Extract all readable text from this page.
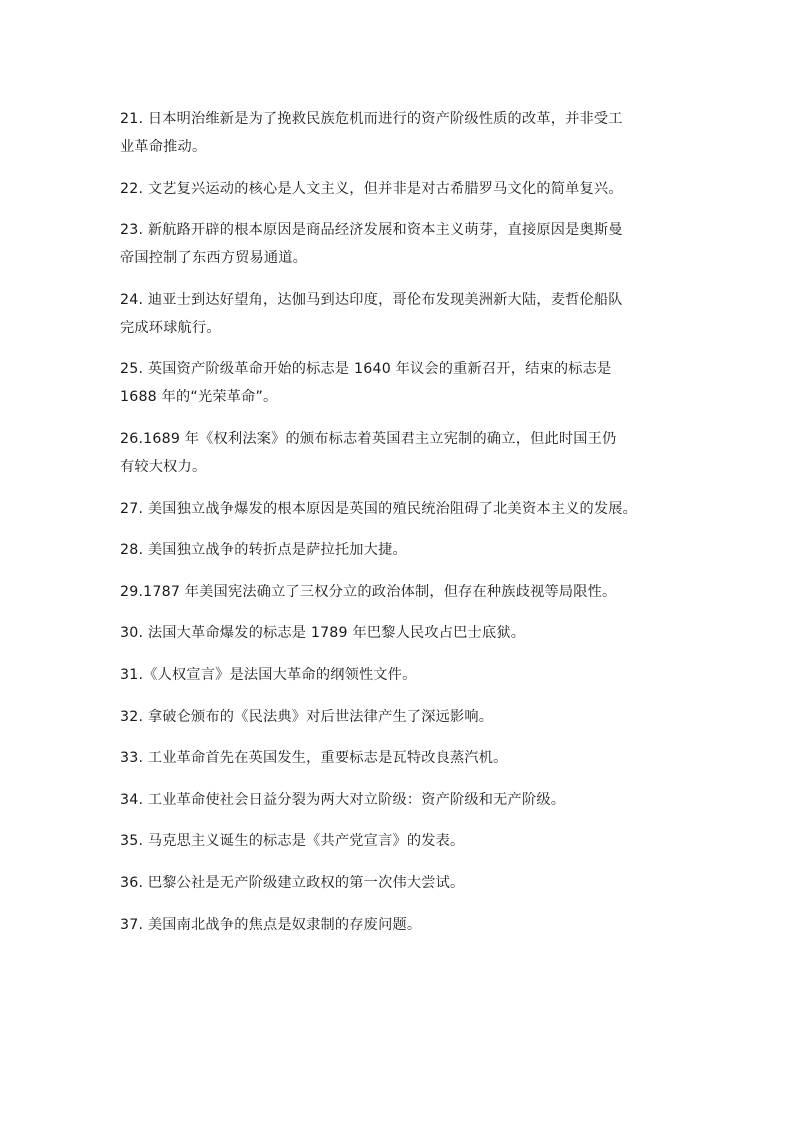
21. 日本明治维新是为了挽救民族危机而进行的资产阶级性质的改革，并非受工
业革命推动。
22. 文艺复兴运动的核心是人文主义，但并非是对古希腊罗马文化的简单复兴。
23. 新航路开辟的根本原因是商品经济发展和资本主义萌芽，直接原因是奥斯曼
帝国控制了东西方贸易通道。
24. 迪亚士到达好望角，达伽马到达印度，哥伦布发现美洲新大陆，麦哲伦船队
完成环球航行。
25. 英国资产阶级革命开始的标志是 1640 年议会的重新召开，结束的标志是
1688 年的“光荣革命”。
26.1689 年《权利法案》的颁布标志着英国君主立宪制的确立，但此时国王仍
有较大权力。
27. 美国独立战争爆发的根本原因是英国的殖民统治阻碍了北美资本主义的发展。
28. 美国独立战争的转折点是萨拉托加大捷。
29.1787 年美国宪法确立了三权分立的政治体制，但存在种族歧视等局限性。
30. 法国大革命爆发的标志是 1789 年巴黎人民攻占巴士底狱。
31.《人权宣言》是法国大革命的纲领性文件。
32. 拿破仑颁布的《民法典》对后世法律产生了深远影响。
33. 工业革命首先在英国发生，重要标志是瓦特改良蒸汽机。
34. 工业革命使社会日益分裂为两大对立阶级：资产阶级和无产阶级。
35. 马克思主义诞生的标志是《共产党宣言》的发表。
36. 巴黎公社是无产阶级建立政权的第一次伟大尝试。
37. 美国南北战争的焦点是奴隶制的存废问题。
